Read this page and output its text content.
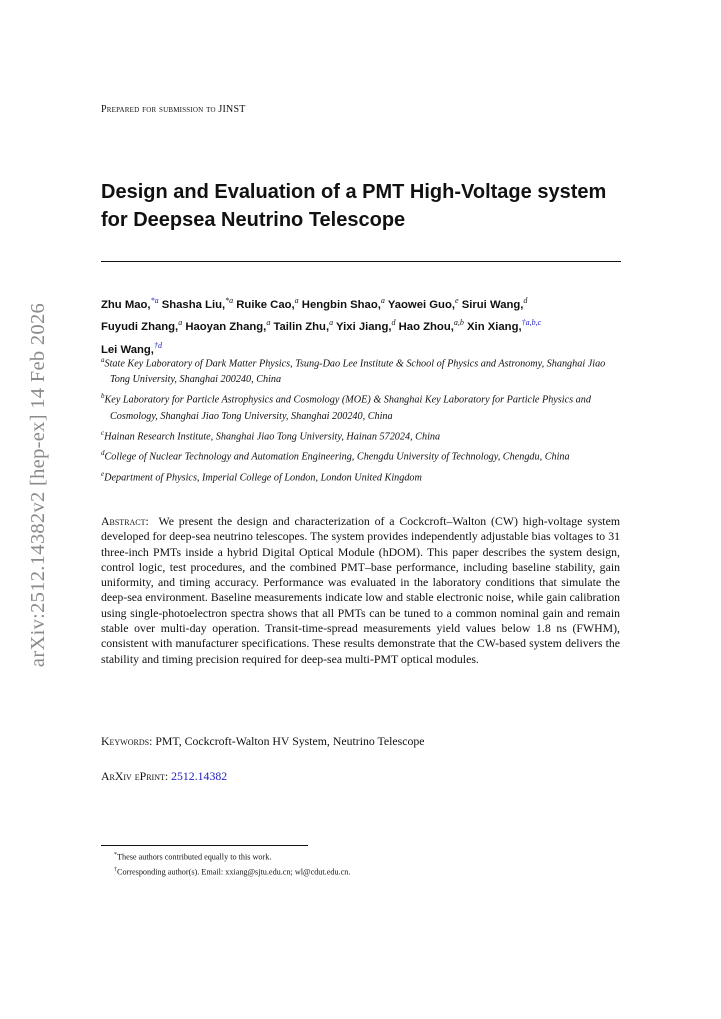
arXiv:2512.14382v2 [hep-ex] 14 Feb 2026
Prepared for submission to JINST
Design and Evaluation of a PMT High-Voltage system
for Deepsea Neutrino Telescope
Zhu Mao,$^{*a}$ Shasha Liu,$^{*a}$ Ruike Cao,$^a$ Hengbin Shao,$^a$ Yaowei Guo,$^e$ Sirui Wang,$^d$
Fuyudi Zhang,$^a$ Haoyan Zhang,$^a$ Tailin Zhu,$^a$ Yixi Jiang,$^d$ Hao Zhou,$^{a,b}$ Xin Xiang,$^{\dagger a,b,c}$
Lei Wang,$^{\dagger d}$
$^a$State Key Laboratory of Dark Matter Physics, Tsung-Dao Lee Institute & School of Physics and Astronomy, Shanghai Jiao Tong University, Shanghai 200240, China
$^b$Key Laboratory for Particle Astrophysics and Cosmology (MOE) & Shanghai Key Laboratory for Particle Physics and Cosmology, Shanghai Jiao Tong University, Shanghai 200240, China
$^c$Hainan Research Institute, Shanghai Jiao Tong University, Hainan 572024, China
$^d$College of Nuclear Technology and Automation Engineering, Chengdu University of Technology, Chengdu, China
$^e$Department of Physics, Imperial College of London, London United Kingdom
Abstract: We present the design and characterization of a Cockcroft–Walton (CW) high-voltage system developed for deep-sea neutrino telescopes. The system provides independently adjustable bias voltages to 31 three-inch PMTs inside a hybrid Digital Optical Module (hDOM). This paper describes the system design, control logic, test procedures, and the combined PMT–base performance, including baseline stability, gain uniformity, and timing accuracy. Performance was evaluated in the laboratory conditions that simulate the deep-sea environment. Baseline measurements indicate low and stable electronic noise, while gain calibration using single-photoelectron spectra shows that all PMTs can be tuned to a common nominal gain and remain stable over multi-day operation. Transit-time-spread measurements yield values below 1.8 ns (FWHM), consistent with manufacturer specifications. These results demonstrate that the CW-based system delivers the stability and timing precision required for deep-sea multi-PMT optical modules.
Keywords: PMT, Cockcroft-Walton HV System, Neutrino Telescope
ArXiv ePrint: 2512.14382
*These authors contributed equally to this work.
†Corresponding author(s). Email: xxiang@sjtu.edu.cn; wl@cdut.edu.cn.
